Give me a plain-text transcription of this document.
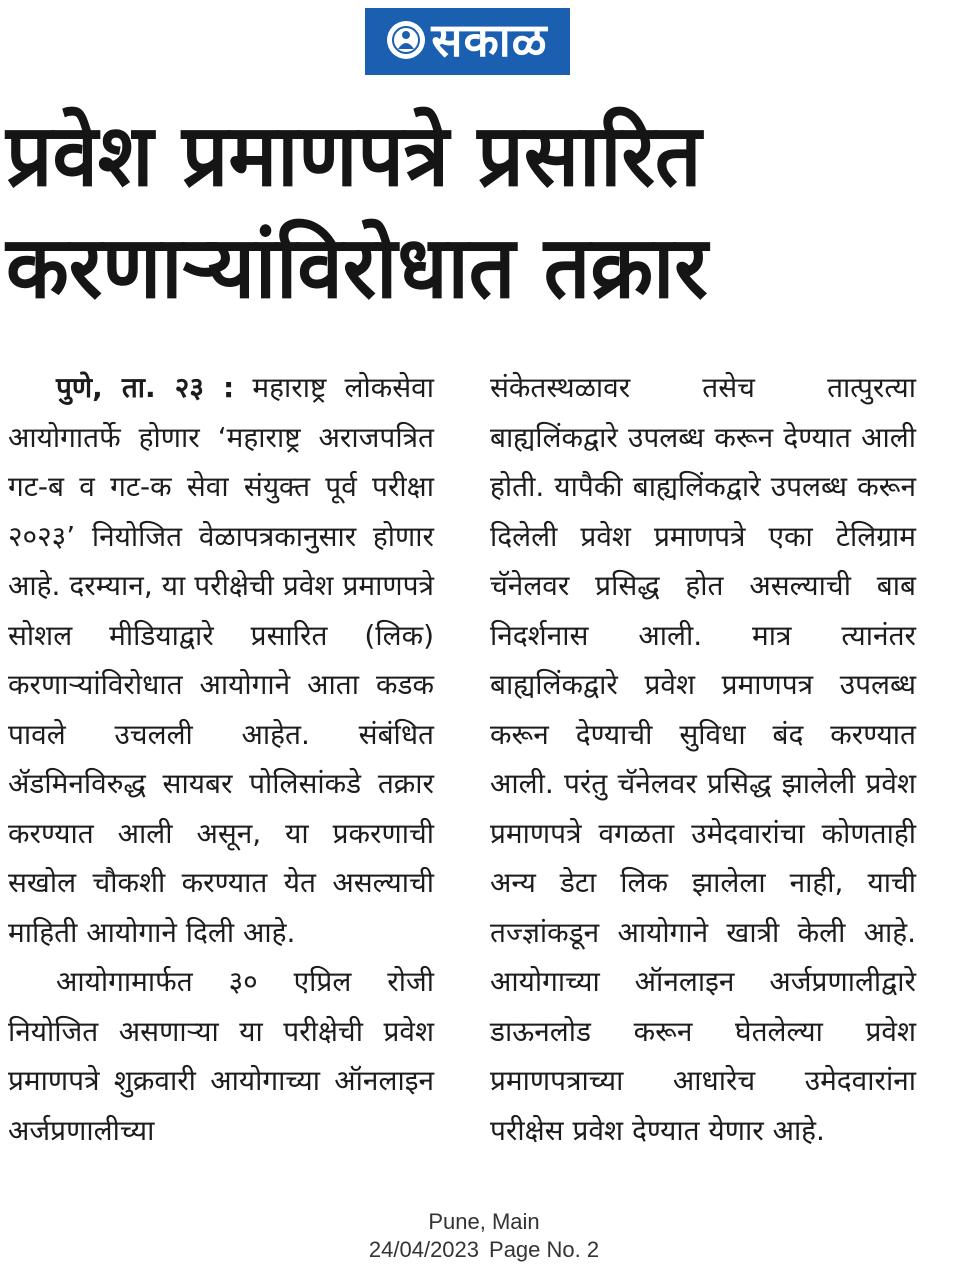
सकाळ
प्रवेश प्रमाणपत्रे प्रसारित
करणाऱ्यांविरोधात तक्रार

पुणे, ता. २३ : महाराष्ट्र लोकसेवा आयोगातर्फे होणार ‘महाराष्ट्र अराजपत्रित गट-ब व गट-क सेवा संयुक्त पूर्व परीक्षा २०२३’ नियोजित वेळापत्रकानुसार होणार आहे. दरम्यान, या परीक्षेची प्रवेश प्रमाणपत्रे सोशल मीडियाद्वारे प्रसारित (लिक) करणाऱ्यांविरोधात आयोगाने आता कडक पावले उचलली आहेत. संबंधित ॲडमिनविरुद्ध सायबर पोलिसांकडे तक्रार करण्यात आली असून, या प्रकरणाची सखोल चौकशी करण्यात येत असल्याची माहिती आयोगाने दिली आहे.

आयोगामार्फत ३० एप्रिल रोजी नियोजित असणाऱ्या या परीक्षेची प्रवेश प्रमाणपत्रे शुक्रवारी आयोगाच्या ऑनलाइन अर्जप्रणालीच्या

संकेतस्थळावर तसेच तात्पुरत्या बाह्यलिंकद्वारे उपलब्ध करून देण्यात आली होती. यापैकी बाह्यलिंकद्वारे उपलब्ध करून दिलेली प्रवेश प्रमाणपत्रे एका टेलिग्राम चॅनेलवर प्रसिद्ध होत असल्याची बाब निदर्शनास आली. मात्र त्यानंतर बाह्यलिंकद्वारे प्रवेश प्रमाणपत्र उपलब्ध करून देण्याची सुविधा बंद करण्यात आली. परंतु चॅनेलवर प्रसिद्ध झालेली प्रवेश प्रमाणपत्रे वगळता उमेदवारांचा कोणताही अन्य डेटा लिक झालेला नाही, याची तज्ज्ञांकडून आयोगाने खात्री केली आहे. आयोगाच्या ऑनलाइन अर्जप्रणालीद्वारे डाऊनलोड करून घेतलेल्या प्रवेश प्रमाणपत्राच्या आधारेच उमेदवारांना परीक्षेस प्रवेश देण्यात येणार आहे.

Pune, Main
24/04/2023 Page No. 2
